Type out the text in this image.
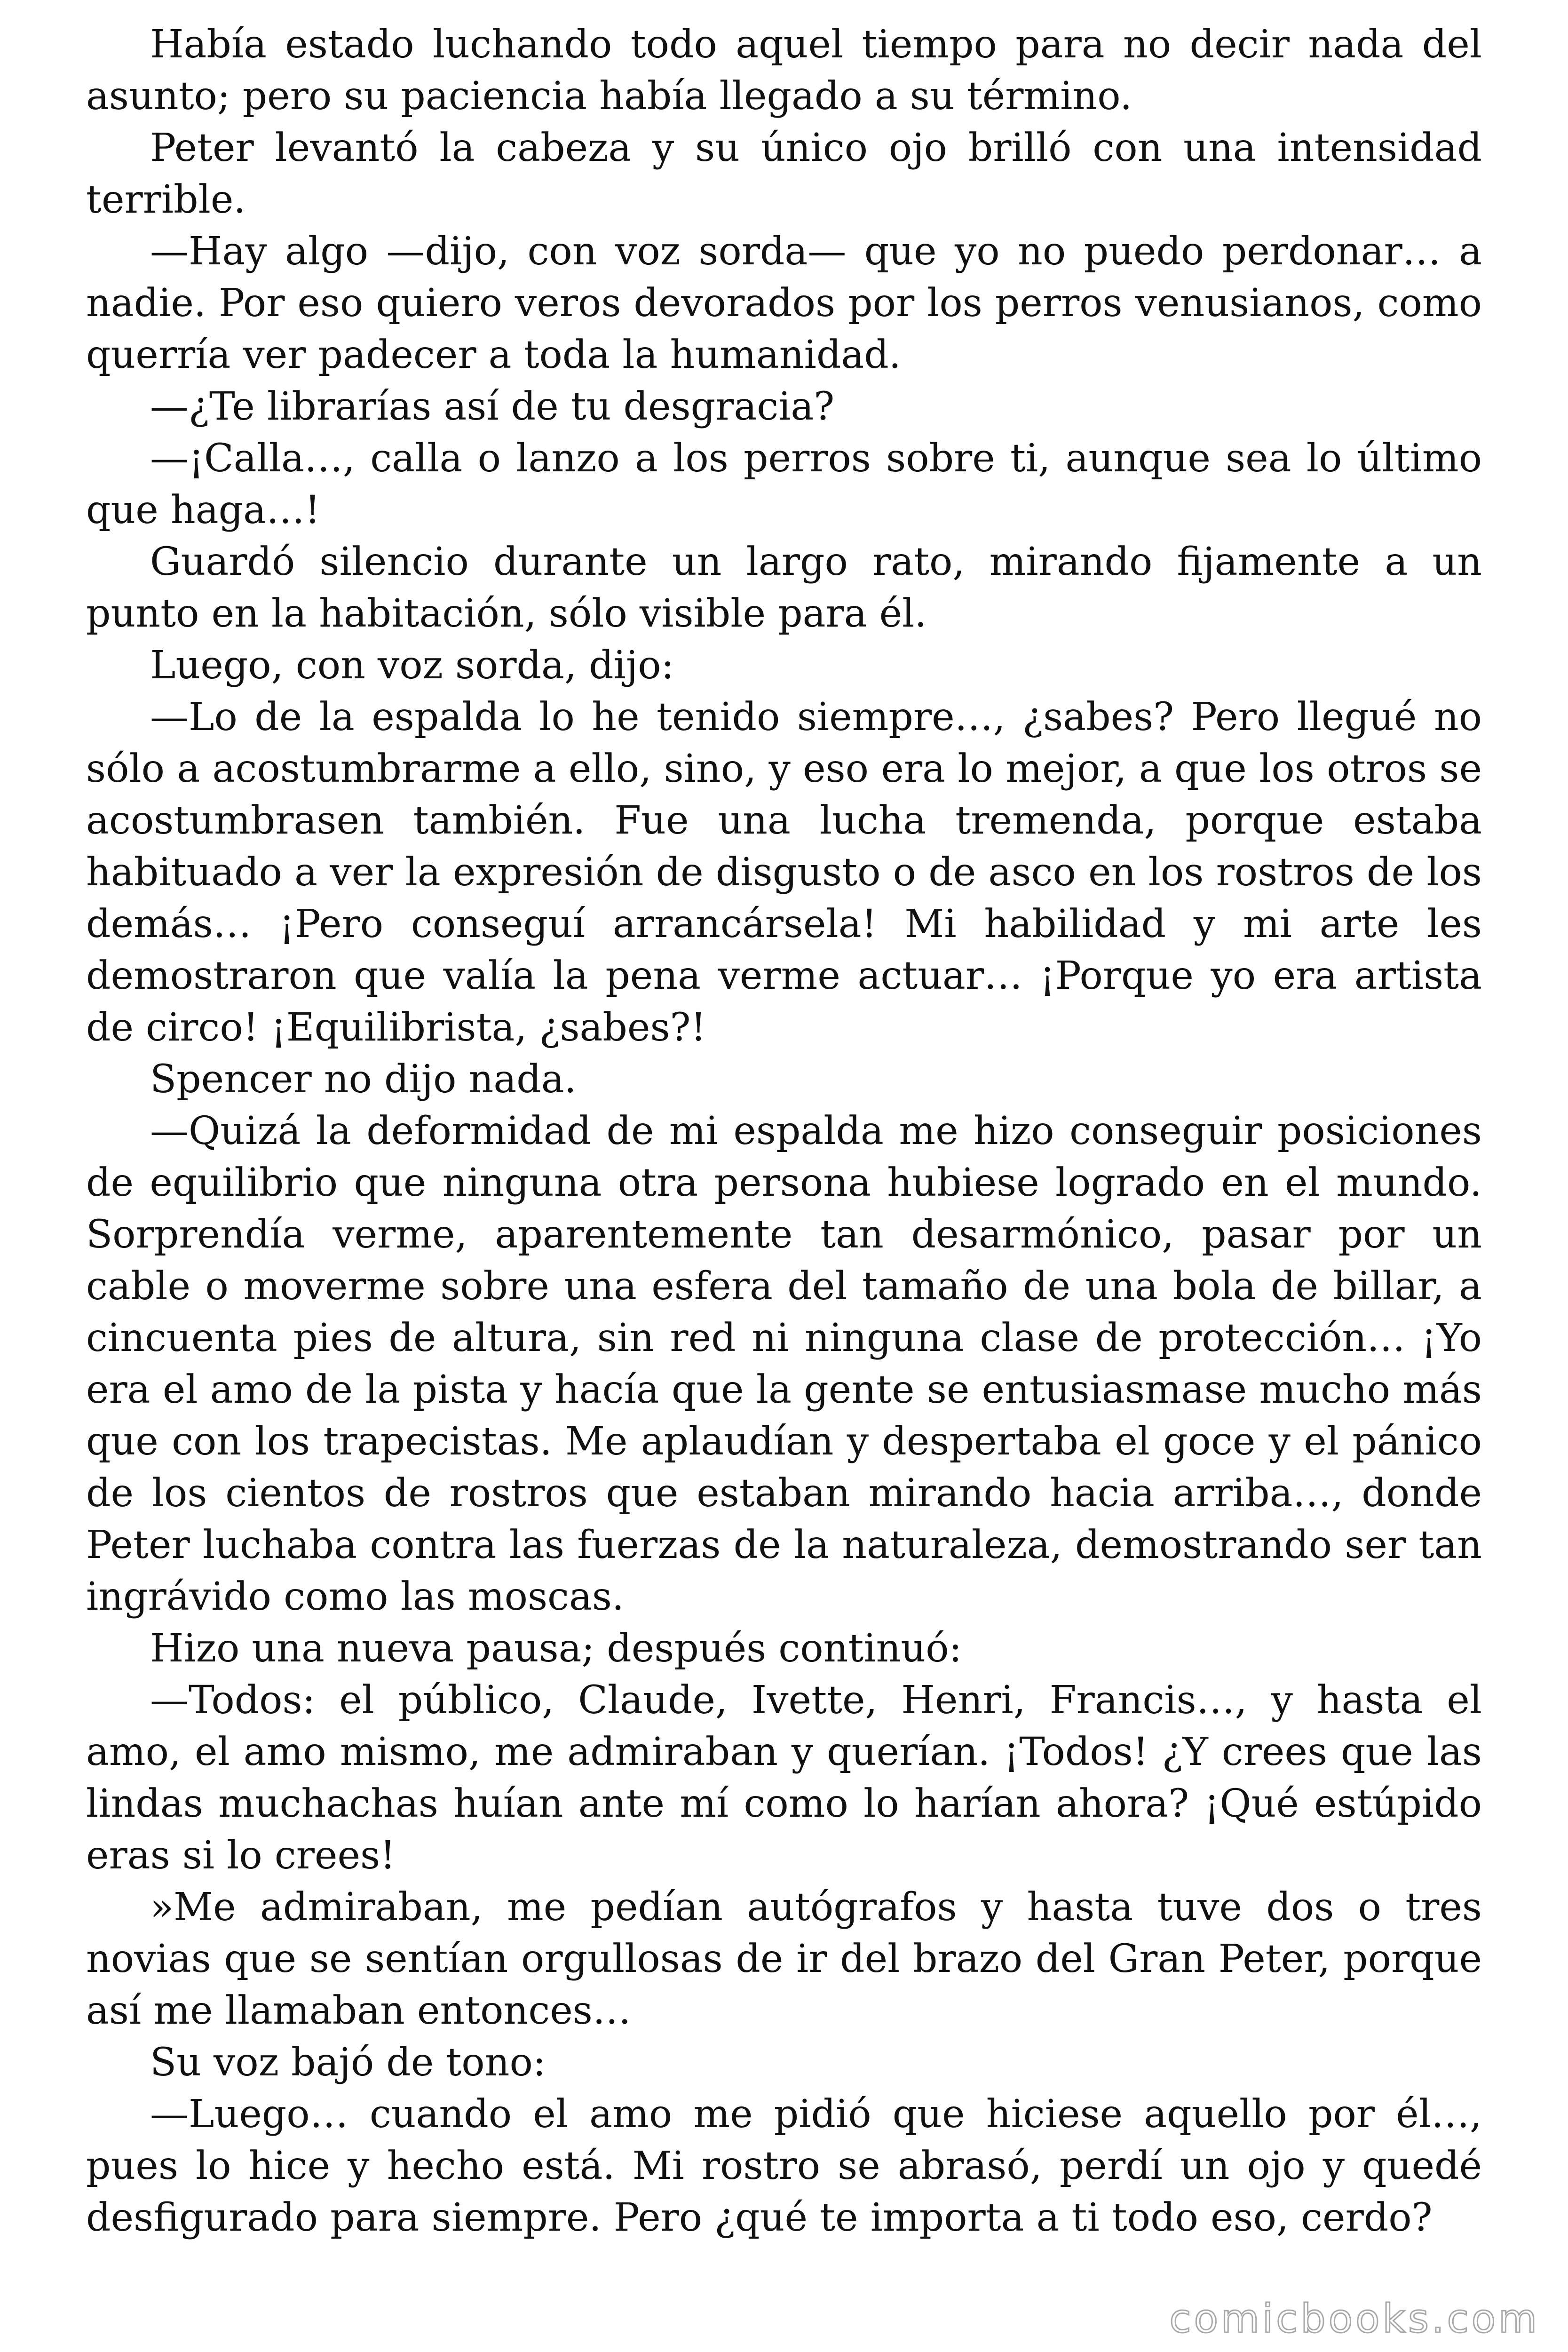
Había estado luchando todo aquel tiempo para no decir nada del asunto; pero su paciencia había llegado a su término.

Peter levantó la cabeza y su único ojo brilló con una intensidad terrible.

—Hay algo —dijo, con voz sorda— que yo no puedo perdonar… a nadie. Por eso quiero veros devorados por los perros venusianos, como querría ver padecer a toda la humanidad.

—¿Te librarías así de tu desgracia?

—¡Calla…, calla o lanzo a los perros sobre ti, aunque sea lo último que haga…!

Guardó silencio durante un largo rato, mirando fijamente a un punto en la habitación, sólo visible para él.

Luego, con voz sorda, dijo:

—Lo de la espalda lo he tenido siempre…, ¿sabes? Pero llegué no sólo a acostumbrarme a ello, sino, y eso era lo mejor, a que los otros se acostumbrasen también. Fue una lucha tremenda, porque estaba habituado a ver la expresión de disgusto o de asco en los rostros de los demás… ¡Pero conseguí arrancársela! Mi habilidad y mi arte les demostraron que valía la pena verme actuar… ¡Porque yo era artista de circo! ¡Equilibrista, ¿sabes?!

Spencer no dijo nada.

—Quizá la deformidad de mi espalda me hizo conseguir posiciones de equilibrio que ninguna otra persona hubiese logrado en el mundo. Sorprendía verme, aparentemente tan desarmónico, pasar por un cable o moverme sobre una esfera del tamaño de una bola de billar, a cincuenta pies de altura, sin red ni ninguna clase de protección… ¡Yo era el amo de la pista y hacía que la gente se entusiasmase mucho más que con los trapecistas. Me aplaudían y despertaba el goce y el pánico de los cientos de rostros que estaban mirando hacia arriba…, donde Peter luchaba contra las fuerzas de la naturaleza, demostrando ser tan ingrávido como las moscas.

Hizo una nueva pausa; después continuó:

—Todos: el público, Claude, Ivette, Henri, Francis…, y hasta el amo, el amo mismo, me admiraban y querían. ¡Todos! ¿Y crees que las lindas muchachas huían ante mí como lo harían ahora? ¡Qué estúpido eras si lo crees!

»Me admiraban, me pedían autógrafos y hasta tuve dos o tres novias que se sentían orgullosas de ir del brazo del Gran Peter, porque así me llamaban entonces…

Su voz bajó de tono:

—Luego… cuando el amo me pidió que hiciese aquello por él…, pues lo hice y hecho está. Mi rostro se abrasó, perdí un ojo y quedé desfigurado para siempre. Pero ¿qué te importa a ti todo eso, cerdo?

comicbooks.com
